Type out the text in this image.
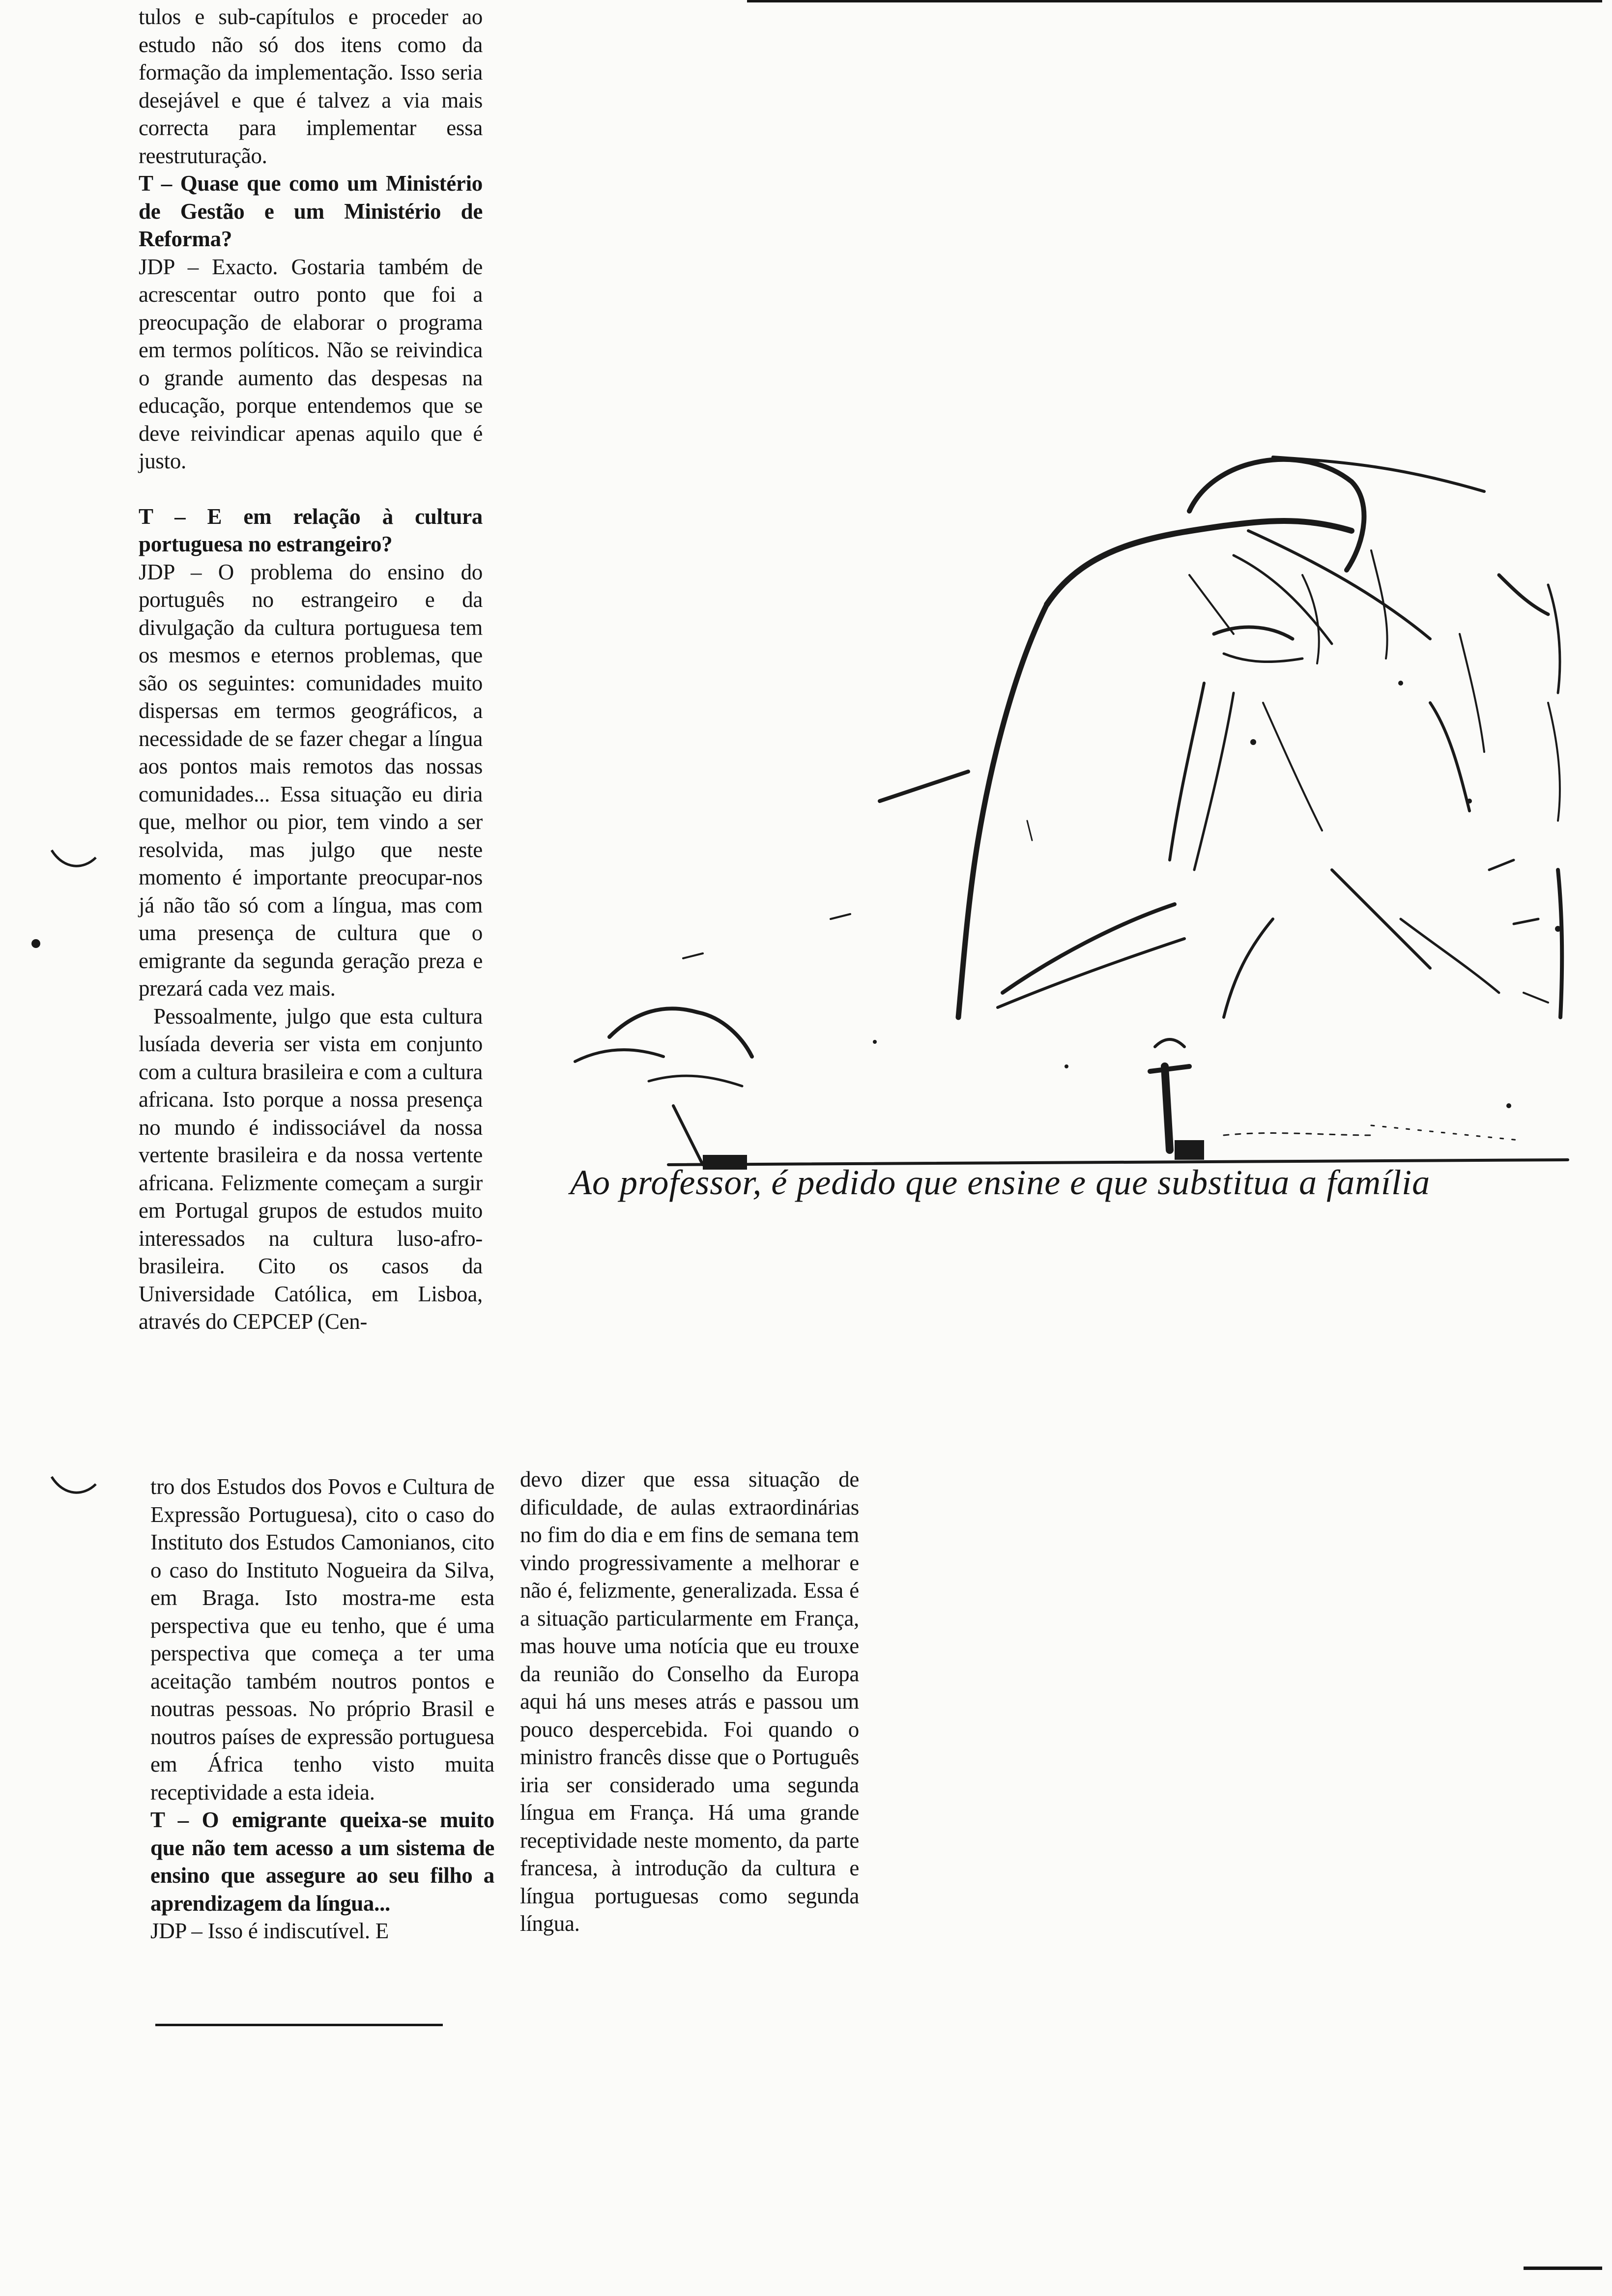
tulos e sub-capítulos e proceder ao estudo não só dos itens como da formação da implementação. Isso seria desejável e que é talvez a via mais correcta para implementar essa reestruturação.

T – Quase que como um Ministério de Gestão e um Ministério de Reforma?

JDP – Exacto. Gostaria também de acrescentar outro ponto que foi a preocupação de elaborar o programa em termos políticos. Não se reivindica o grande aumento das despesas na educação, porque entendemos que se deve reivindicar apenas aquilo que é justo.

T – E em relação à cultura portuguesa no estrangeiro?

JDP – O problema do ensino do português no estrangeiro e da divulgação da cultura portuguesa tem os mesmos e eternos problemas, que são os seguintes: comunidades muito dispersas em termos geográficos, a necessidade de se fazer chegar a língua aos pontos mais remotos das nossas comunidades... Essa situação eu diria que, melhor ou pior, tem vindo a ser resolvida, mas julgo que neste momento é importante preocupar-nos já não tão só com a língua, mas com uma presença de cultura que o emigrante da segunda geração preza e prezará cada vez mais.

Pessoalmente, julgo que esta cultura lusíada deveria ser vista em conjunto com a cultura brasileira e com a cultura africana. Isto porque a nossa presença no mundo é indissociável da nossa vertente brasileira e da nossa vertente africana. Felizmente começam a surgir em Portugal grupos de estudos muito interessados na cultura luso-afro-brasileira. Cito os casos da Universidade Católica, em Lisboa, através do CEPCEP (Cen-

tro dos Estudos dos Povos e Cultura de Expressão Portuguesa), cito o caso do Instituto dos Estudos Camonianos, cito o caso do Instituto Nogueira da Silva, em Braga. Isto mostra-me esta perspectiva que eu tenho, que é uma perspectiva que começa a ter uma aceitação também noutros pontos e noutras pessoas. No próprio Brasil e noutros países de expressão portuguesa em África tenho visto muita receptividade a esta ideia.

T – O emigrante queixa-se muito que não tem acesso a um sistema de ensino que assegure ao seu filho a aprendizagem da língua...

JDP – Isso é indiscutível. E

devo dizer que essa situação de dificuldade, de aulas extraordinárias no fim do dia e em fins de semana tem vindo progressivamente a melhorar e não é, felizmente, generalizada. Essa é a situação particularmente em França, mas houve uma notícia que eu trouxe da reunião do Conselho da Europa aqui há uns meses atrás e passou um pouco despercebida. Foi quando o ministro francês disse que o Português iria ser considerado uma segunda língua em França. Há uma grande receptividade neste momento, da parte francesa, à introdução da cultura e língua portuguesas como segunda língua.

Ao professor, é pedido que ensine e que substitua a família
